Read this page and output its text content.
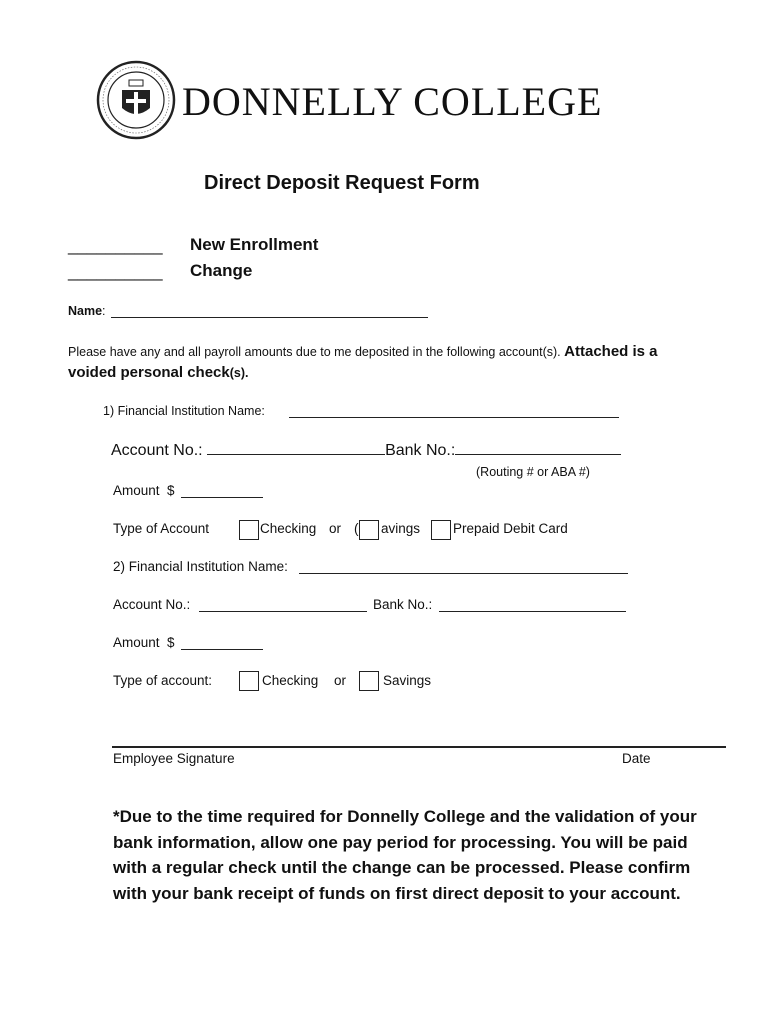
DONNELLY COLLEGE
Direct Deposit Request Form
__________ New Enrollment
__________ Change
Name:
Please have any and all payroll amounts due to me deposited in the following account(s). Attached is a
voided personal check(s).
1) Financial Institution Name:
Account No.:	Bank No.:
(Routing # or ABA #)
Amount $
Type of Account	Checking or ( avings Prepaid Debit Card
2) Financial Institution Name:
Account No.:	Bank No.:
Amount $
Type of account:	Checking or	Savings
Employee Signature	Date
*Due to the time required for Donnelly College and the validation of your bank information, allow one pay period for processing. You will be paid with a regular check until the change can be processed. Please confirm with your bank receipt of funds on first direct deposit to your account.
